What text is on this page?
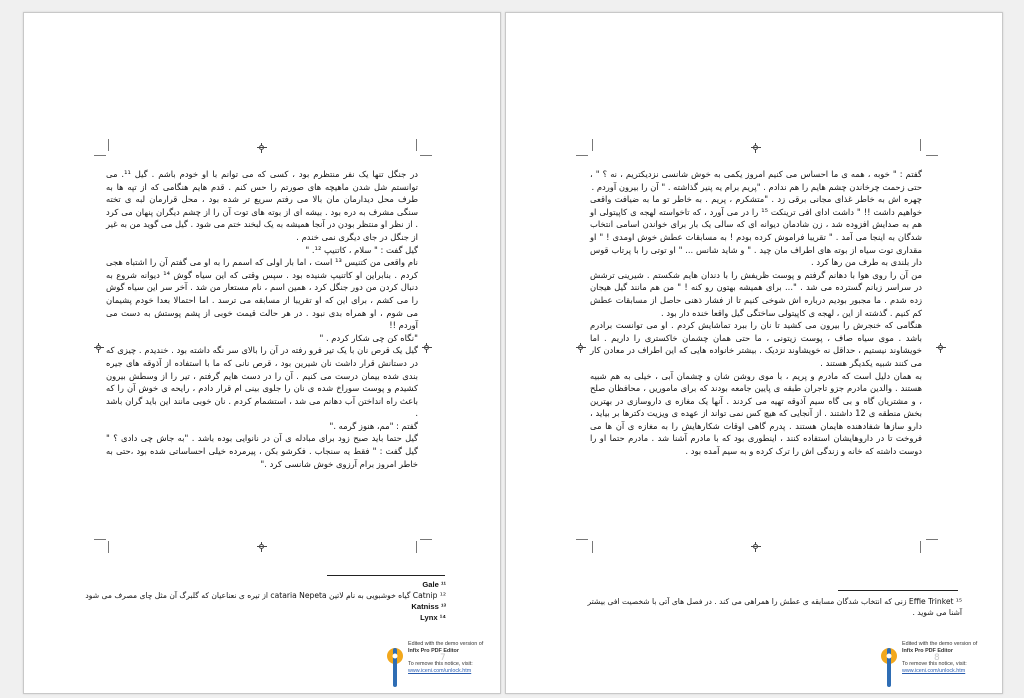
در جنگل تنها یک نفر منتظرم بود ، کسی که می توانم با او خودم باشم . گیل ¹¹. می توانستم شل شدن ماهیچه های صورتم را حس کنم . قدم هایم هنگامی که از تپه ها به طرف محل دیدارمان مان بالا می رفتم سریع تر شده بود ، محل قرارمان لبه ی تخته سنگی مشرف به دره بود . بیشه ای از بوته های توت آن را از چشم دیگران پنهان می کرد . از نظر او منتظر بودن در آنجا همیشه به یک لبخند ختم می شود . گیل می گوید من به غیر از جنگل در جای دیگری نمی خندم .

گیل گفت : " سلام ، کاتنیپ ¹². "

نام واقعی من کتنیس ¹³ است ، اما بار اولی که اسمم را به او می گفتم آن را اشتباه هجی کردم . بنابراین او کاتنیپ شنیده بود . سپس وقتی که این سیاه گوش ¹⁴ دیوانه شروع به دنبال کردن من دور جنگل کرد ، همین اسم ، نام مستعار من شد . آخر سر این سیاه گوش را می کشم ، برای این که او تقریبا از مسابقه می ترسد . اما احتمالا بعدا خودم پشیمان می شوم ، او همراه بدی نبود . در هر حالت قیمت خوبی از پشم پوستش به دست می آوردم !!

"نگاه کن چی شکار کردم . "

گیل یک قرص نان با یک تیر فرو رفته در آن را بالای سر نگه داشته بود . خندیدم . چیزی که در دستانش قرار داشت نان شیرین بود ، قرص نانی که ما با استفاده از آذوقه های جیره بندی شده بیمان درست می کنیم . آن را در دست هایم گرفتم ، تیر را از وسطش بیرون کشیدم و پوست سوراخ شده ی نان را جلوی بینی ام قرار دادم ، رایحه ی خوش آن را که باعث راه انداختن آب دهانم می شد ، استشمام کردم . نان خوبی مانند این باید گران باشد .

گفتم : "مم، هنوز گرمه ."

گیل حتما باید صبح زود برای مبادله ی آن در نانوایی بوده باشد . "به جاش چی دادی ؟ " گیل گفت : " فقط یه سنجاب . فکرشو بکن ، پیرمرده خیلی احساساتی شده بود ،حتی به خاطر امروز برام آرزوی خوش شانسی کرد ."

¹¹ Gale

¹² Catnip گیاه خوشبویی به نام لاتین cataria Nepeta از تیره ی نعناعیان که گلبرگ آن مثل چای مصرف می شود

¹³ Katniss

¹⁴ Lynx

7
Edited with the demo version of
Infix Pro PDF Editor
To remove this notice, visit:
www.iceni.com/unlock.htm

گفتم : " خوبه ، همه ی ما احساس می کنیم امروز یکمی به خوش شانسی نزدیکتریم ، نه ؟ " ، حتی زحمت چرخاندن چشم هایم را هم ندادم . "پریم برام یه پنیر گذاشته . " آن را بیرون آوردم .

چهره اش به خاطر غذای مجانی برقی زد . "متشکرم ، پریم . به خاطر تو ما به ضیافت واقعی خواهیم داشت !! " داشت ادای افی ترینکت ¹⁵ را در می آورد ، که تاخواسته لهجه ی کاپیتولی او هم به صدایش افزوده شد ، زن شادمان دیوانه ای که سالی یک بار برای خواندن اسامی انتخاب شدگان به اینجا می آمد . " تقریبا فراموش کرده بودم ! به مسابقات عطش خوش اومدی ! " او مقداری توت سیاه از بوته های اطراف مان چید . " و شاید شانس ... " او توتی را با پرتاب قوس دار بلندی به طرف من رها کرد .

من آن را روی هوا با دهانم گرفتم و پوست ظریفش را با دندان هایم شکستم . شیرینی ترشش در سراسر زبانم گسترده می شد . "... برای همیشه بهتون رو کنه ! " من هم مانند گیل هیجان زده شدم . ما مجبور بودیم درباره اش شوخی کنیم تا از فشار ذهنی حاصل از مسابقات عطش کم کنیم . گذشته از این ، لهجه ی کاپیتولی ساختگی گیل واقعا خنده دار بود .

هنگامی که خنجرش را بیرون می کشید تا نان را ببرد تماشایش کردم . او می توانست برادرم باشد . موی سیاه صاف ، پوست زیتونی ، ما حتی همان چشمان خاکستری را داریم . اما خویشاوند نیستیم ، حداقل نه خویشاوند نزدیک . بیشتر خانواده هایی که این اطراف در معادن کار می کنند شبیه یکدیگر هستند .

به همان دلیل است که مادرم و پریم ، با موی روشن شان و چشمان آبی ، خیلی به هم شبیه هستند . والدین مادرم جزو تاجران طبقه ی پایین جامعه بودند که برای ماموریں ، محافظان صلح ، و مشتریان گاه و بی گاه سیم آذوقه تهیه می کردند . آنها یک مغازه ی داروسازی در بهترین بخش منطقه ی 12 داشتند . از آنجایی که هیچ کس نمی تواند از عهده ی ویزیت دکترها بر بیاید ، دارو سازها شفادهنده هایمان هستند . پدرم گاهی اوقات شکارهایش را به مغازه ی آن ها می فروخت تا در داروهایشان استفاده کنند ، اینطوری بود که با مادرم آشنا شد . مادرم حتما او را دوست داشته که خانه و زندگی اش را ترک کرده و به سیم آمده بود .

¹⁵ Effie Trinket زنی که انتخاب شدگان مسابقه ی عطش را همراهی می کند . در فصل های آتی با شخصیت افی بیشتر آشنا می شوید .

8
Edited with the demo version of
Infix Pro PDF Editor
To remove this notice, visit:
www.iceni.com/unlock.htm
